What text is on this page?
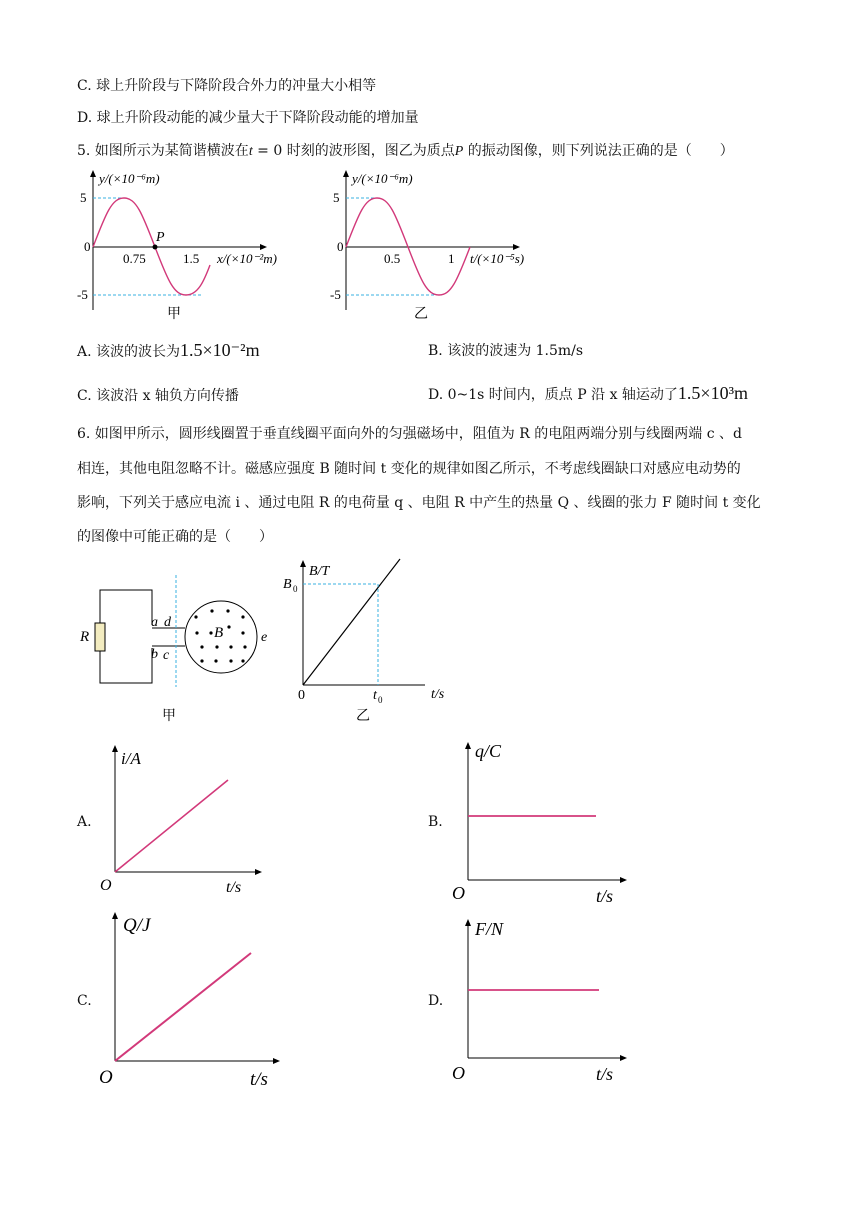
C. 球上升阶段与下降阶段合外力的冲量大小相等
D. 球上升阶段动能的减少量大于下降阶段动能的增加量
5. 如图所示为某简谐横波在t = 0 时刻的波形图，图乙为质点P 的振动图像，则下列说法正确的是（　　）
y/(×10⁻⁶m)
5
-5
0
0.75	1.5 x/(×10⁻²m)
P
甲
y/(×10⁻⁶m)
5
-5
0
0.5	1 t/(×10⁻⁵s)
乙
A. 该波的波长为1.5×10⁻²m	B. 该波的波速为 1.5m/s
C. 该波沿 x 轴负方向传播	D. 0~1s 时间内，质点 P 沿 x 轴运动了1.5×10³m
6. 如图甲所示，圆形线圈置于垂直线圈平面向外的匀强磁场中，阻值为 R 的电阻两端分别与线圈两端 c 、d
相连，其他电阻忽略不计。磁感应强度 B 随时间 t 变化的规律如图乙所示，不考虑线圈缺口对感应电动势的
影响，下列关于感应电流 i 、通过电阻 R 的电荷量 q 、电阻 R 中产生的热量 Q 、线圈的张力 F 随时间 t 变化
的图像中可能正确的是（　　）
R
a
b c
d
B	e
甲
B/T
B 0
0	t 0	t/s
乙
A.
i/A
O	t/s
B.
q/C
O	t/s
C.
Q/J
O	t/s
D.
F/N
O	t/s
